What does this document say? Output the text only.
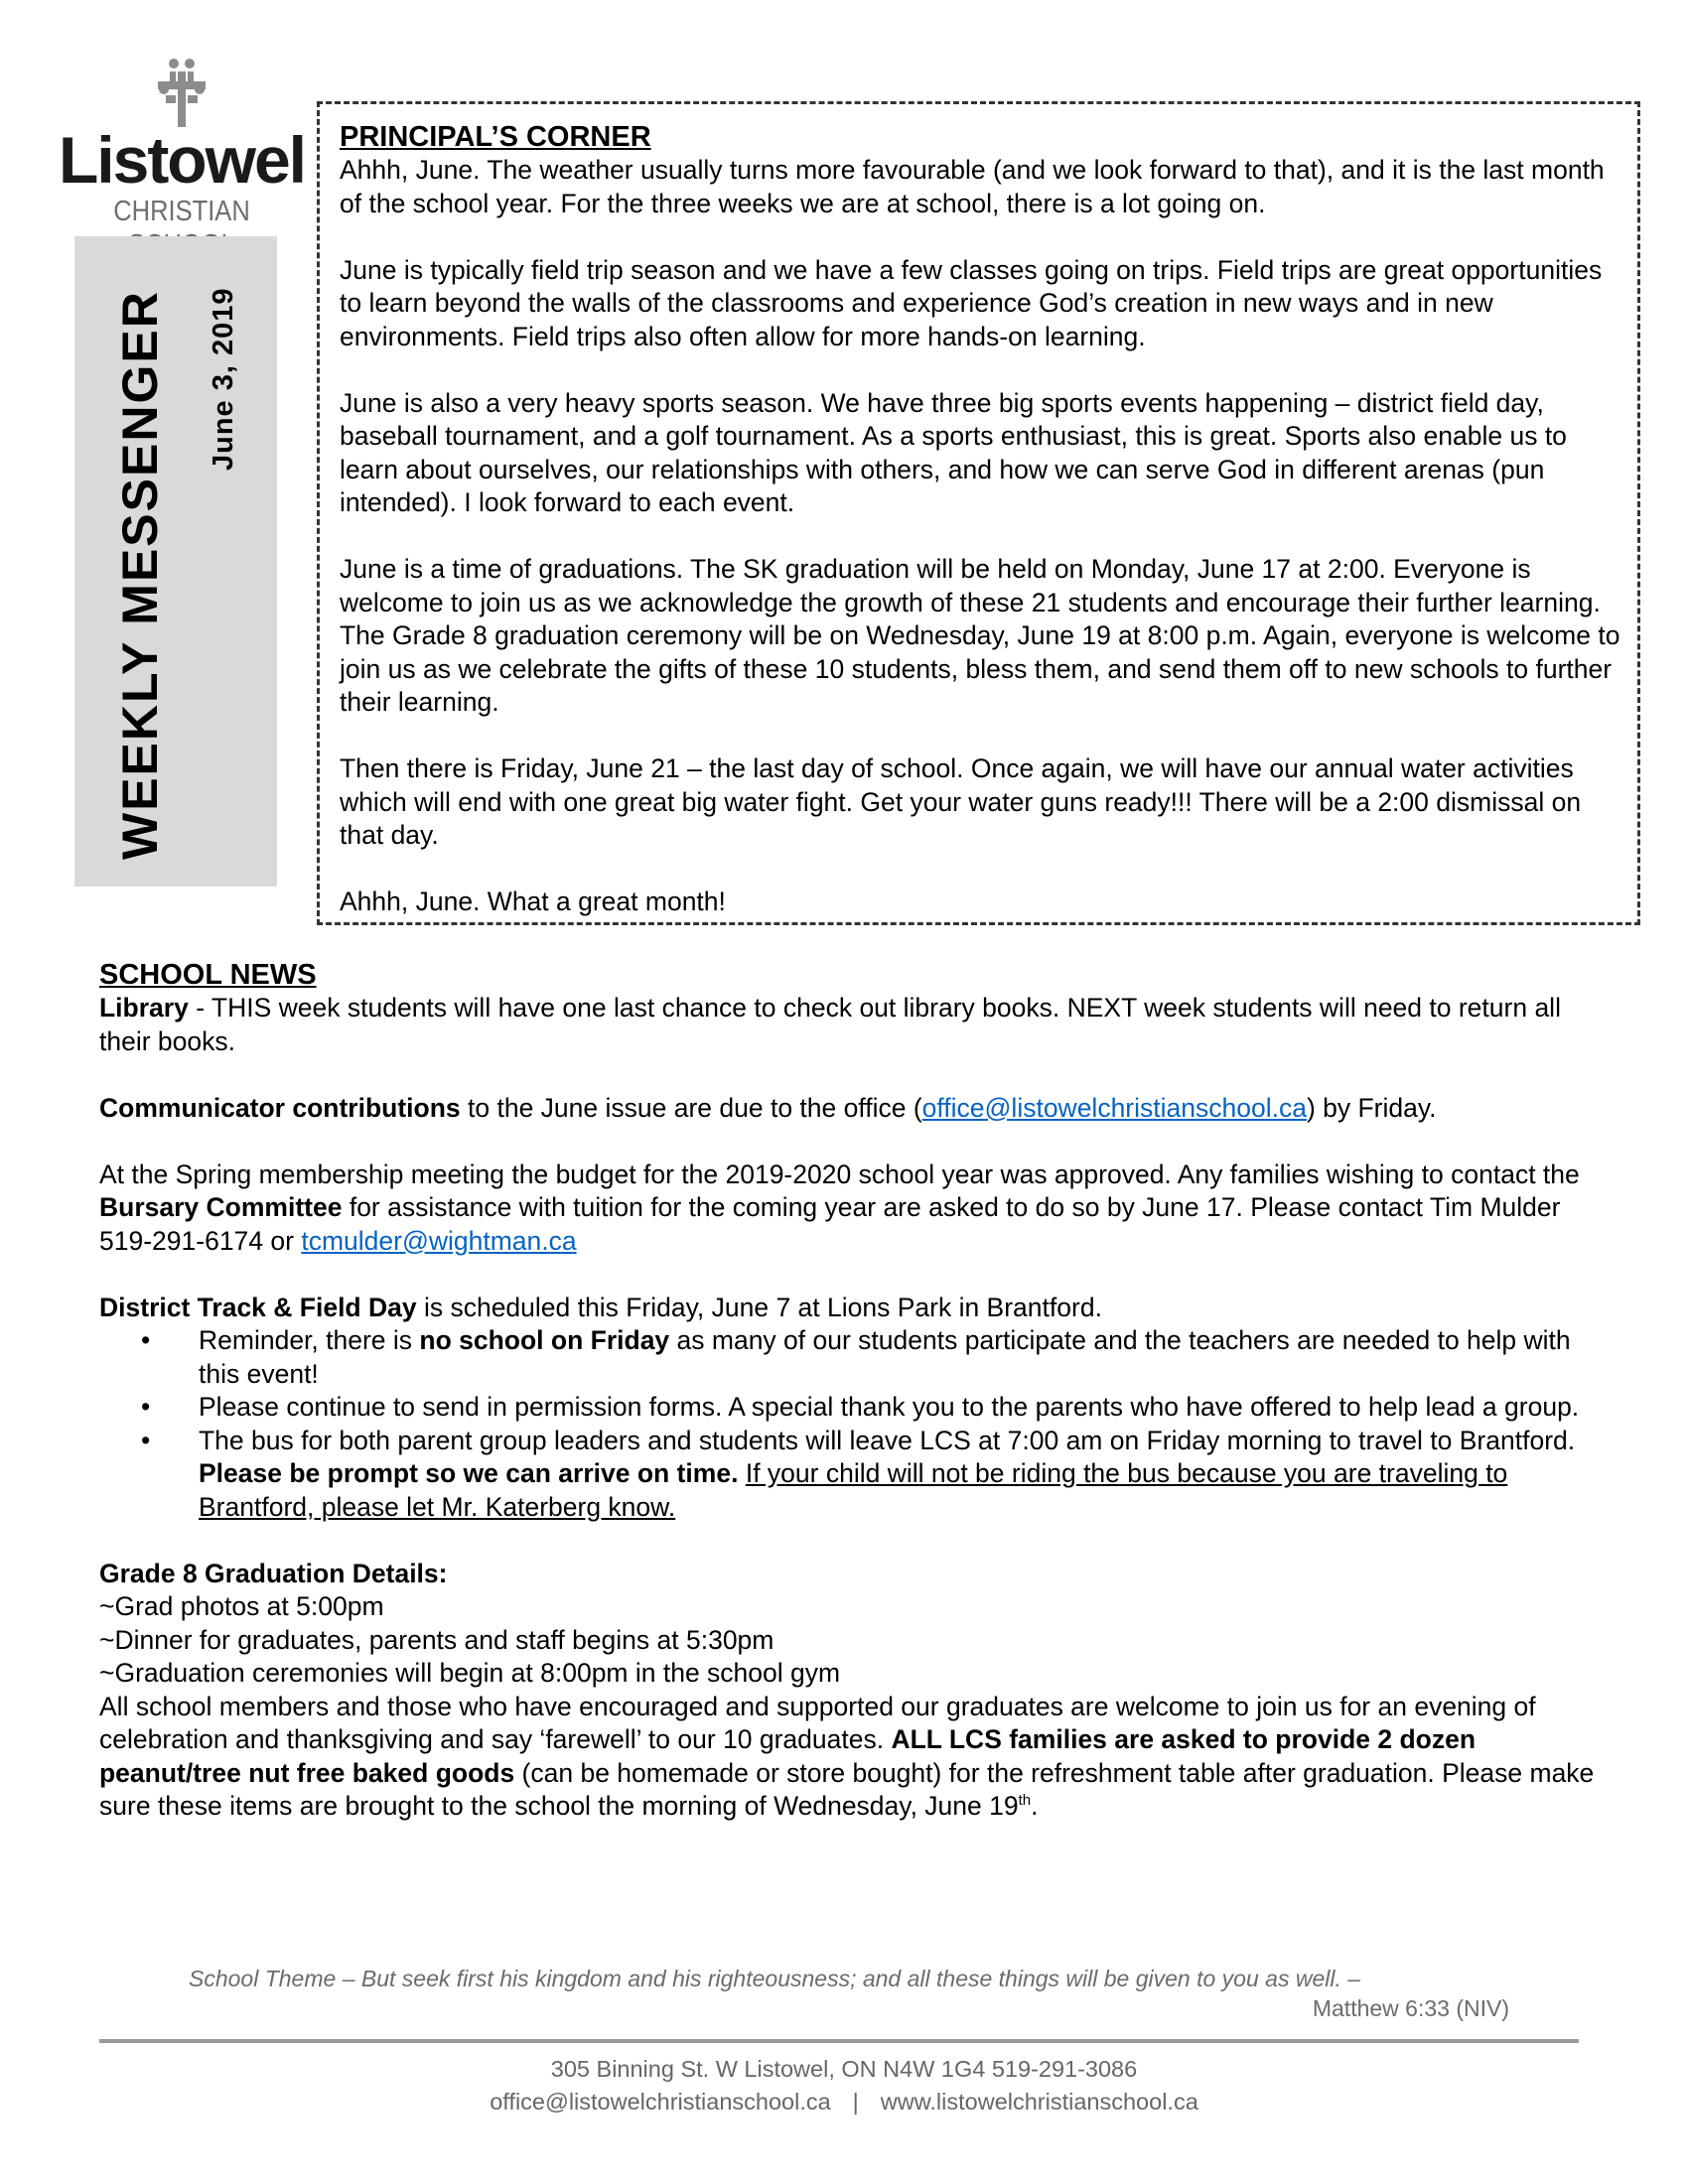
Listowel
CHRISTIAN
WEEKLY MESSENGER June 3, 2019
PRINCIPAL’S CORNER

Ahhh, June. The weather usually turns more favourable (and we look forward to that), and it is the last month of the school year. For the three weeks we are at school, there is a lot going on.

June is typically field trip season and we have a few classes going on trips. Field trips are great opportunities to learn beyond the walls of the classrooms and experience God’s creation in new ways and in new environments. Field trips also often allow for more hands-on learning.

June is also a very heavy sports season. We have three big sports events happening – district field day, baseball tournament, and a golf tournament. As a sports enthusiast, this is great. Sports also enable us to learn about ourselves, our relationships with others, and how we can serve God in different arenas (pun intended). I look forward to each event.

June is a time of graduations. The SK graduation will be held on Monday, June 17 at 2:00. Everyone is welcome to join us as we acknowledge the growth of these 21 students and encourage their further learning. The Grade 8 graduation ceremony will be on Wednesday, June 19 at 8:00 p.m. Again, everyone is welcome to join us as we celebrate the gifts of these 10 students, bless them, and send them off to new schools to further their learning.

Then there is Friday, June 21 – the last day of school. Once again, we will have our annual water activities which will end with one great big water fight. Get your water guns ready!!! There will be a 2:00 dismissal on that day.

Ahhh, June. What a great month!

SCHOOL NEWS

Library - THIS week students will have one last chance to check out library books. NEXT week students will need to return all their books.

Communicator contributions to the June issue are due to the office (office@listowelchristianschool.ca) by Friday.

At the Spring membership meeting the budget for the 2019-2020 school year was approved. Any families wishing to contact the Bursary Committee for assistance with tuition for the coming year are asked to do so by June 17. Please contact Tim Mulder 519-291-6174 or tcmulder@wightman.ca

District Track & Field Day is scheduled this Friday, June 7 at Lions Park in Brantford.
• Reminder, there is no school on Friday as many of our students participate and the teachers are needed to help with this event!
• Please continue to send in permission forms. A special thank you to the parents who have offered to help lead a group.
• The bus for both parent group leaders and students will leave LCS at 7:00 am on Friday morning to travel to Brantford. Please be prompt so we can arrive on time. If your child will not be riding the bus because you are traveling to Brantford, please let Mr. Katerberg know.
Grade 8 Graduation Details:
~Grad photos at 5:00pm
~Dinner for graduates, parents and staff begins at 5:30pm
~Graduation ceremonies will begin at 8:00pm in the school gym
All school members and those who have encouraged and supported our graduates are welcome to join us for an evening of celebration and thanksgiving and say ‘farewell’ to our 10 graduates. ALL LCS families are asked to provide 2 dozen peanut/tree nut free baked goods (can be homemade or store bought) for the refreshment table after graduation. Please make sure these items are brought to the school the morning of Wednesday, June 19th.
School Theme – But seek first his kingdom and his righteousness; and all these things will be given to you as well. –
Matthew 6:33 (NIV)
305 Binning St. W Listowel, ON N4W 1G4 519-291-3086
office@listowelchristianschool.ca | www.listowelchristianschool.ca
